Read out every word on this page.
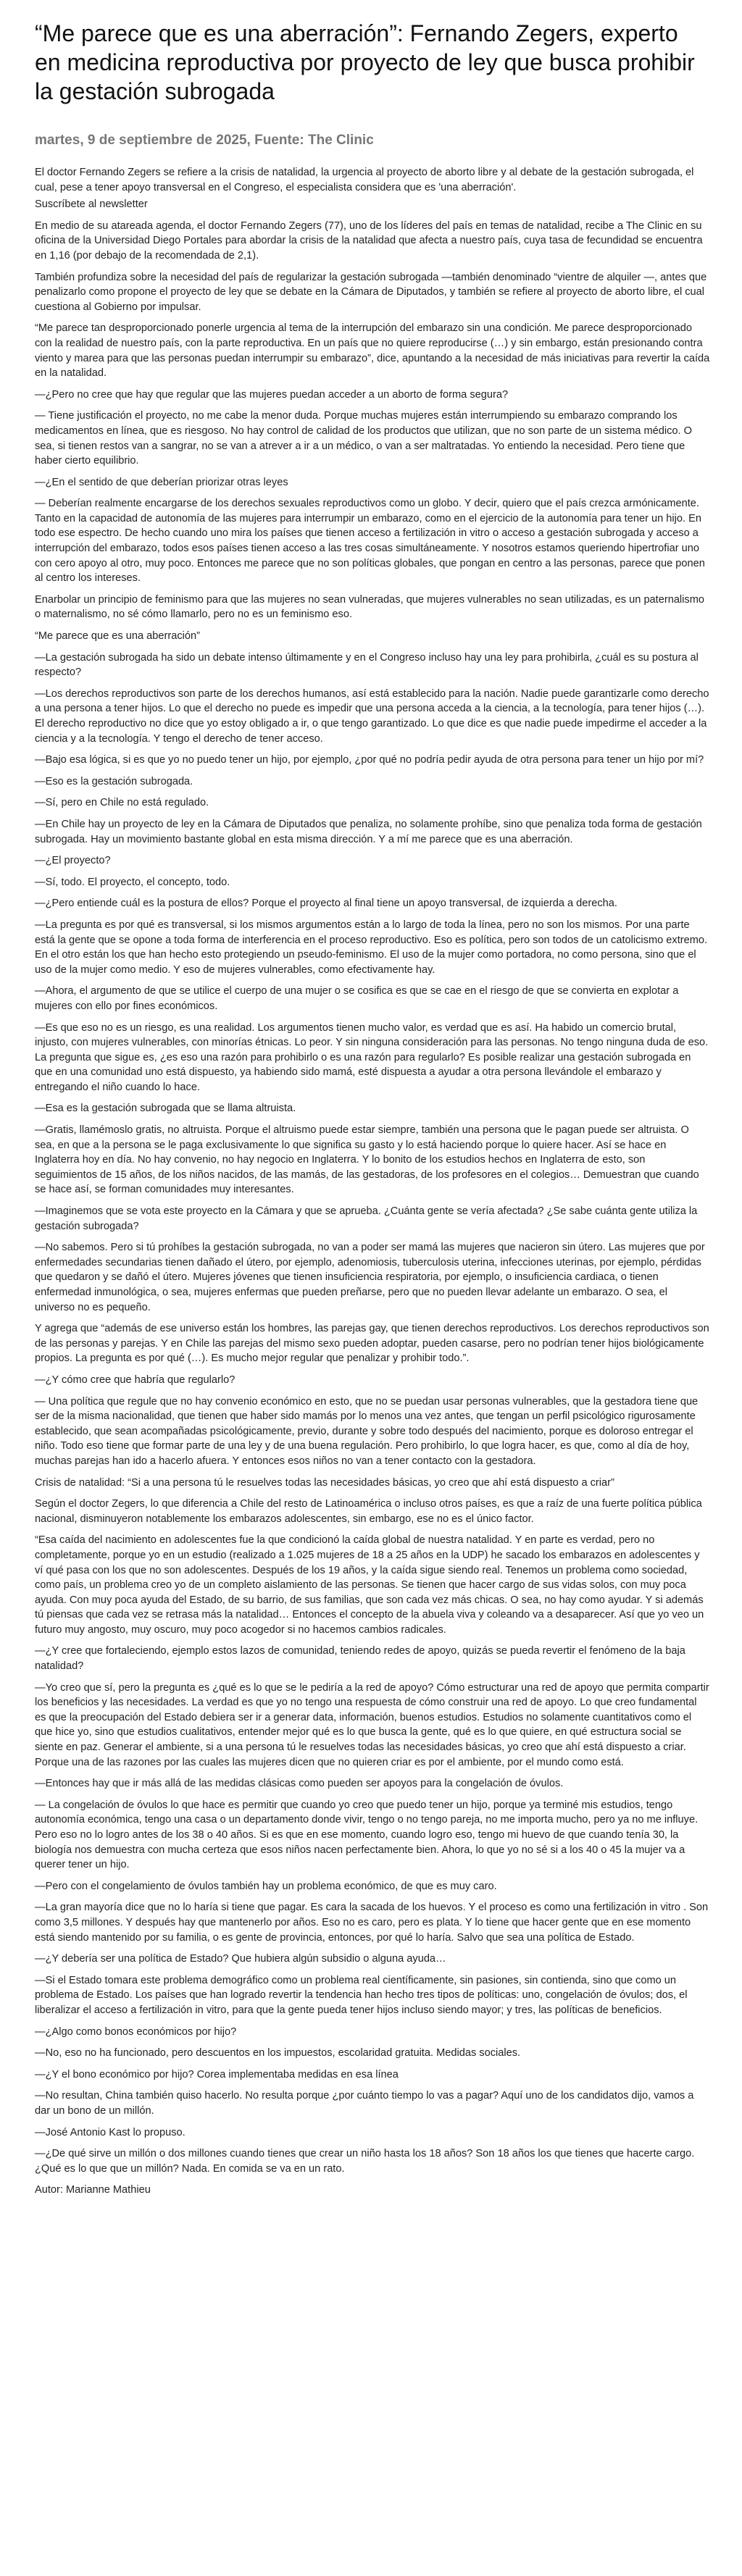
“Me parece que es una aberración”: Fernando Zegers, experto en medicina reproductiva por proyecto de ley que busca prohibir la gestación subrogada
martes, 9 de septiembre de 2025, Fuente: The Clinic

El doctor Fernando Zegers se refiere a la crisis de natalidad, la urgencia al proyecto de aborto libre y al debate de la gestación subrogada, el cual, pese a tener apoyo transversal en el Congreso, el especialista considera que es 'una aberración'.

Suscríbete al newsletter

En medio de su atareada agenda, el doctor Fernando Zegers (77), uno de los líderes del país en temas de natalidad, recibe a The Clinic en su oficina de la Universidad Diego Portales para abordar la crisis de la natalidad que afecta a nuestro país, cuya tasa de fecundidad se encuentra en 1,16 (por debajo de la recomendada de 2,1).

También profundiza sobre la necesidad del país de regularizar la gestación subrogada —también denominado “vientre de alquiler —, antes que penalizarlo como propone el proyecto de ley que se debate en la Cámara de Diputados, y también se refiere al proyecto de aborto libre, el cual cuestiona al Gobierno por impulsar.

“Me parece tan desproporcionado ponerle urgencia al tema de la interrupción del embarazo sin una condición. Me parece desproporcionado con la realidad de nuestro país, con la parte reproductiva. En un país que no quiere reproducirse (…) y sin embargo, están presionando contra viento y marea para que las personas puedan interrumpir su embarazo”, dice, apuntando a la necesidad de más iniciativas para revertir la caída en la natalidad.

—¿Pero no cree que hay que regular que las mujeres puedan acceder a un aborto de forma segura?

— Tiene justificación el proyecto, no me cabe la menor duda. Porque muchas mujeres están interrumpiendo su embarazo comprando los medicamentos en línea, que es riesgoso. No hay control de calidad de los productos que utilizan, que no son parte de un sistema médico. O sea, si tienen restos van a sangrar, no se van a atrever a ir a un médico, o van a ser maltratadas. Yo entiendo la necesidad. Pero tiene que haber cierto equilibrio.

—¿En el sentido de que deberían priorizar otras leyes

— Deberían realmente encargarse de los derechos sexuales reproductivos como un globo. Y decir, quiero que el país crezca armónicamente. Tanto en la capacidad de autonomía de las mujeres para interrumpir un embarazo, como en el ejercicio de la autonomía para tener un hijo. En todo ese espectro. De hecho cuando uno mira los países que tienen acceso a fertilización in vitro o acceso a gestación subrogada y acceso a interrupción del embarazo, todos esos países tienen acceso a las tres cosas simultáneamente. Y nosotros estamos queriendo hipertrofiar uno con cero apoyo al otro, muy poco. Entonces me parece que no son políticas globales, que pongan en centro a las personas, parece que ponen al centro los intereses.

Enarbolar un principio de feminismo para que las mujeres no sean vulneradas, que mujeres vulnerables no sean utilizadas, es un paternalismo o maternalismo, no sé cómo llamarlo, pero no es un feminismo eso.

“Me parece que es una aberración”

—La gestación subrogada ha sido un debate intenso últimamente y en el Congreso incluso hay una ley para prohibirla, ¿cuál es su postura al respecto?

—Los derechos reproductivos son parte de los derechos humanos, así está establecido para la nación. Nadie puede garantizarle como derecho a una persona a tener hijos. Lo que el derecho no puede es impedir que una persona acceda a la ciencia, a la tecnología, para tener hijos (…). El derecho reproductivo no dice que yo estoy obligado a ir, o que tengo garantizado. Lo que dice es que nadie puede impedirme el acceder a la ciencia y a la tecnología. Y tengo el derecho de tener acceso.

—Bajo esa lógica, si es que yo no puedo tener un hijo, por ejemplo, ¿por qué no podría pedir ayuda de otra persona para tener un hijo por mí?

—Eso es la gestación subrogada.

—Sí, pero en Chile no está regulado.

—En Chile hay un proyecto de ley en la Cámara de Diputados que penaliza, no solamente prohíbe, sino que penaliza toda forma de gestación subrogada. Hay un movimiento bastante global en esta misma dirección. Y a mí me parece que es una aberración.

—¿El proyecto?

—Sí, todo. El proyecto, el concepto, todo.

—¿Pero entiende cuál es la postura de ellos? Porque el proyecto al final tiene un apoyo transversal, de izquierda a derecha.

—La pregunta es por qué es transversal, si los mismos argumentos están a lo largo de toda la línea, pero no son los mismos. Por una parte está la gente que se opone a toda forma de interferencia en el proceso reproductivo. Eso es política, pero son todos de un catolicismo extremo. En el otro están los que han hecho esto protegiendo un pseudo-feminismo. El uso de la mujer como portadora, no como persona, sino que el uso de la mujer como medio. Y eso de mujeres vulnerables, como efectivamente hay.

—Ahora, el argumento de que se utilice el cuerpo de una mujer o se cosifica es que se cae en el riesgo de que se convierta en explotar a mujeres con ello por fines económicos.

—Es que eso no es un riesgo, es una realidad. Los argumentos tienen mucho valor, es verdad que es así. Ha habido un comercio brutal, injusto, con mujeres vulnerables, con minorías étnicas. Lo peor. Y sin ninguna consideración para las personas. No tengo ninguna duda de eso. La pregunta que sigue es, ¿es eso una razón para prohibirlo o es una razón para regularlo? Es posible realizar una gestación subrogada en que en una comunidad uno está dispuesto, ya habiendo sido mamá, esté dispuesta a ayudar a otra persona llevándole el embarazo y entregando el niño cuando lo hace.

—Esa es la gestación subrogada que se llama altruista.

—Gratis, llamémoslo gratis, no altruista. Porque el altruismo puede estar siempre, también una persona que le pagan puede ser altruista. O sea, en que a la persona se le paga exclusivamente lo que significa su gasto y lo está haciendo porque lo quiere hacer. Así se hace en Inglaterra hoy en día. No hay convenio, no hay negocio en Inglaterra. Y lo bonito de los estudios hechos en Inglaterra de esto, son seguimientos de 15 años, de los niños nacidos, de las mamás, de las gestadoras, de los profesores en el colegios… Demuestran que cuando se hace así, se forman comunidades muy interesantes.

—Imaginemos que se vota este proyecto en la Cámara y que se aprueba. ¿Cuánta gente se vería afectada? ¿Se sabe cuánta gente utiliza la gestación subrogada?

—No sabemos. Pero si tú prohíbes la gestación subrogada, no van a poder ser mamá las mujeres que nacieron sin útero. Las mujeres que por enfermedades secundarias tienen dañado el útero, por ejemplo, adenomiosis, tuberculosis uterina, infecciones uterinas, por ejemplo, pérdidas que quedaron y se dañó el útero. Mujeres jóvenes que tienen insuficiencia respiratoria, por ejemplo, o insuficiencia cardiaca, o tienen enfermedad inmunológica, o sea, mujeres enfermas que pueden preñarse, pero que no pueden llevar adelante un embarazo. O sea, el universo no es pequeño.

Y agrega que “además de ese universo están los hombres, las parejas gay, que tienen derechos reproductivos. Los derechos reproductivos son de las personas y parejas. Y en Chile las parejas del mismo sexo pueden adoptar, pueden casarse, pero no podrían tener hijos biológicamente propios. La pregunta es por qué (…). Es mucho mejor regular que penalizar y prohibir todo.”.

—¿Y cómo cree que habría que regularlo?

— Una política que regule que no hay convenio económico en esto, que no se puedan usar personas vulnerables, que la gestadora tiene que ser de la misma nacionalidad, que tienen que haber sido mamás por lo menos una vez antes, que tengan un perfil psicológico rigurosamente establecido, que sean acompañadas psicológicamente, previo, durante y sobre todo después del nacimiento, porque es doloroso entregar el niño. Todo eso tiene que formar parte de una ley y de una buena regulación. Pero prohibirlo, lo que logra hacer, es que, como al día de hoy, muchas parejas han ido a hacerlo afuera. Y entonces esos niños no van a tener contacto con la gestadora.

Crisis de natalidad: “Si a una persona tú le resuelves todas las necesidades básicas, yo creo que ahí está dispuesto a criar”

Según el doctor Zegers, lo que diferencia a Chile del resto de Latinoamérica o incluso otros países, es que a raíz de una fuerte política pública nacional, disminuyeron notablemente los embarazos adolescentes, sin embargo, ese no es el único factor.

“Esa caída del nacimiento en adolescentes fue la que condicionó la caída global de nuestra natalidad. Y en parte es verdad, pero no completamente, porque yo en un estudio (realizado a 1.025 mujeres de 18 a 25 años en la UDP) he sacado los embarazos en adolescentes y ví qué pasa con los que no son adolescentes. Después de los 19 años, y la caída sigue siendo real. Tenemos un problema como sociedad, como país, un problema creo yo de un completo aislamiento de las personas. Se tienen que hacer cargo de sus vidas solos, con muy poca ayuda. Con muy poca ayuda del Estado, de su barrio, de sus familias, que son cada vez más chicas. O sea, no hay como ayudar. Y si además tú piensas que cada vez se retrasa más la natalidad… Entonces el concepto de la abuela viva y coleando va a desaparecer. Así que yo veo un futuro muy angosto, muy oscuro, muy poco acogedor si no hacemos cambios radicales.

—¿Y cree que fortaleciendo, ejemplo estos lazos de comunidad, teniendo redes de apoyo, quizás se pueda revertir el fenómeno de la baja natalidad?

—Yo creo que sí, pero la pregunta es ¿qué es lo que se le pediría a la red de apoyo? Cómo estructurar una red de apoyo que permita compartir los beneficios y las necesidades. La verdad es que yo no tengo una respuesta de cómo construir una red de apoyo. Lo que creo fundamental es que la preocupación del Estado debiera ser ir a generar data, información, buenos estudios. Estudios no solamente cuantitativos como el que hice yo, sino que estudios cualitativos, entender mejor qué es lo que busca la gente, qué es lo que quiere, en qué estructura social se siente en paz. Generar el ambiente, si a una persona tú le resuelves todas las necesidades básicas, yo creo que ahí está dispuesto a criar. Porque una de las razones por las cuales las mujeres dicen que no quieren criar es por el ambiente, por el mundo como está.

—Entonces hay que ir más allá de las medidas clásicas como pueden ser apoyos para la congelación de óvulos.

— La congelación de óvulos lo que hace es permitir que cuando yo creo que puedo tener un hijo, porque ya terminé mis estudios, tengo autonomía económica, tengo una casa o un departamento donde vivir, tengo o no tengo pareja, no me importa mucho, pero ya no me influye. Pero eso no lo logro antes de los 38 o 40 años. Si es que en ese momento, cuando logro eso, tengo mi huevo de que cuando tenía 30, la biología nos demuestra con mucha certeza que esos niños nacen perfectamente bien. Ahora, lo que yo no sé si a los 40 o 45 la mujer va a querer tener un hijo.

—Pero con el congelamiento de óvulos también hay un problema económico, de que es muy caro.

—La gran mayoría dice que no lo haría si tiene que pagar. Es cara la sacada de los huevos. Y el proceso es como una fertilización in vitro . Son como 3,5 millones. Y después hay que mantenerlo por años. Eso no es caro, pero es plata. Y lo tiene que hacer gente que en ese momento está siendo mantenido por su familia, o es gente de provincia, entonces, por qué lo haría. Salvo que sea una política de Estado.

—¿Y debería ser una política de Estado? Que hubiera algún subsidio o alguna ayuda…

—Si el Estado tomara este problema demográfico como un problema real científicamente, sin pasiones, sin contienda, sino que como un problema de Estado. Los países que han logrado revertir la tendencia han hecho tres tipos de políticas: uno, congelación de óvulos; dos, el liberalizar el acceso a fertilización in vitro, para que la gente pueda tener hijos incluso siendo mayor; y tres, las políticas de beneficios.

—¿Algo como bonos económicos por hijo?

—No, eso no ha funcionado, pero descuentos en los impuestos, escolaridad gratuita. Medidas sociales.

—¿Y el bono económico por hijo? Corea implementaba medidas en esa línea

—No resultan, China también quiso hacerlo. No resulta porque ¿por cuánto tiempo lo vas a pagar? Aquí uno de los candidatos dijo, vamos a dar un bono de un millón.

—José Antonio Kast lo propuso.

—¿De qué sirve un millón o dos millones cuando tienes que crear un niño hasta los 18 años? Son 18 años los que tienes que hacerte cargo. ¿Qué es lo que que un millón? Nada. En comida se va en un rato.

Autor: Marianne Mathieu
